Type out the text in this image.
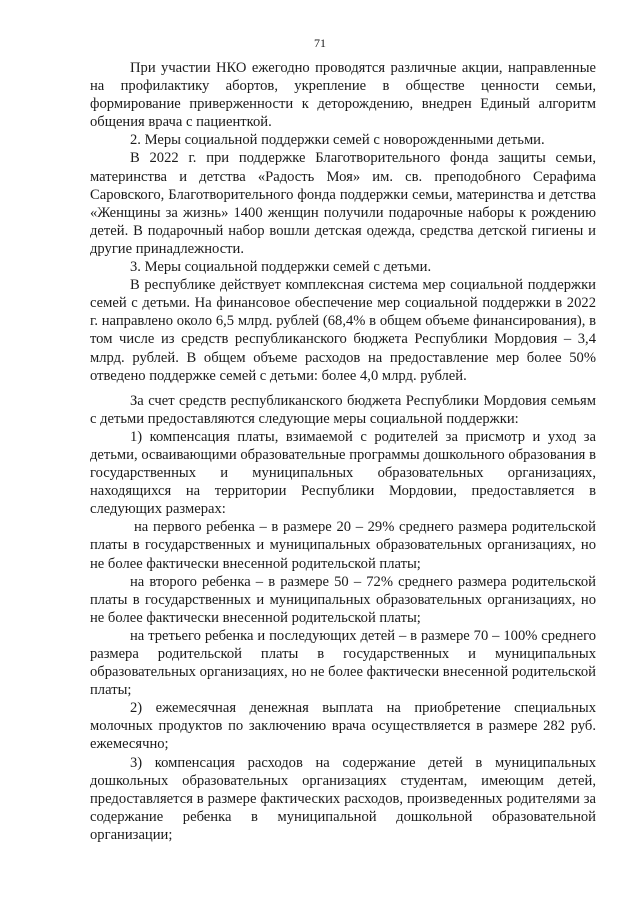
71

При участии НКО ежегодно проводятся различные акции, направленные на профилактику абортов, укрепление в обществе ценности семьи, формирование приверженности к деторождению, внедрен Единый алгоритм общения врача с пациенткой.

2. Меры социальной поддержки семей с новорожденными детьми.

В 2022 г. при поддержке Благотворительного фонда защиты семьи, материнства и детства «Радость Моя» им. св. преподобного Серафима Саровского, Благотворительного фонда поддержки семьи, материнства и детства «Женщины за жизнь» 1400 женщин получили подарочные наборы к рождению детей. В подарочный набор вошли детская одежда, средства детской гигиены и другие принадлежности.

3. Меры социальной поддержки семей с детьми.

В республике действует комплексная система мер социальной поддержки семей с детьми. На финансовое обеспечение мер социальной поддержки в 2022 г. направлено около 6,5 млрд. рублей (68,4% в общем объеме финансирования), в том числе из средств республиканского бюджета Республики Мордовия – 3,4 млрд. рублей. В общем объеме расходов на предоставление мер более 50% отведено поддержке семей с детьми: более 4,0 млрд. рублей.

За счет средств республиканского бюджета Республики Мордовия семьям с детьми предоставляются следующие меры социальной поддержки:

1) компенсация платы, взимаемой с родителей за присмотр и уход за детьми, осваивающими образовательные программы дошкольного образования в государственных и муниципальных образовательных организациях, находящихся на территории Республики Мордовии, предоставляется в следующих размерах:

на первого ребенка – в размере 20 – 29% среднего размера родительской платы в государственных и муниципальных образовательных организациях, но не более фактически внесенной родительской платы;

на второго ребенка – в размере 50 – 72% среднего размера родительской платы в государственных и муниципальных образовательных организациях, но не более фактически внесенной родительской платы;

на третьего ребенка и последующих детей – в размере 70 – 100% среднего размера родительской платы в государственных и муниципальных образовательных организациях, но не более фактически внесенной родительской платы;

2) ежемесячная денежная выплата на приобретение специальных молочных продуктов по заключению врача осуществляется в размере 282 руб. ежемесячно;

3) компенсация расходов на содержание детей в муниципальных дошкольных образовательных организациях студентам, имеющим детей, предоставляется в размере фактических расходов, произведенных родителями за содержание ребенка в муниципальной дошкольной образовательной организации;
